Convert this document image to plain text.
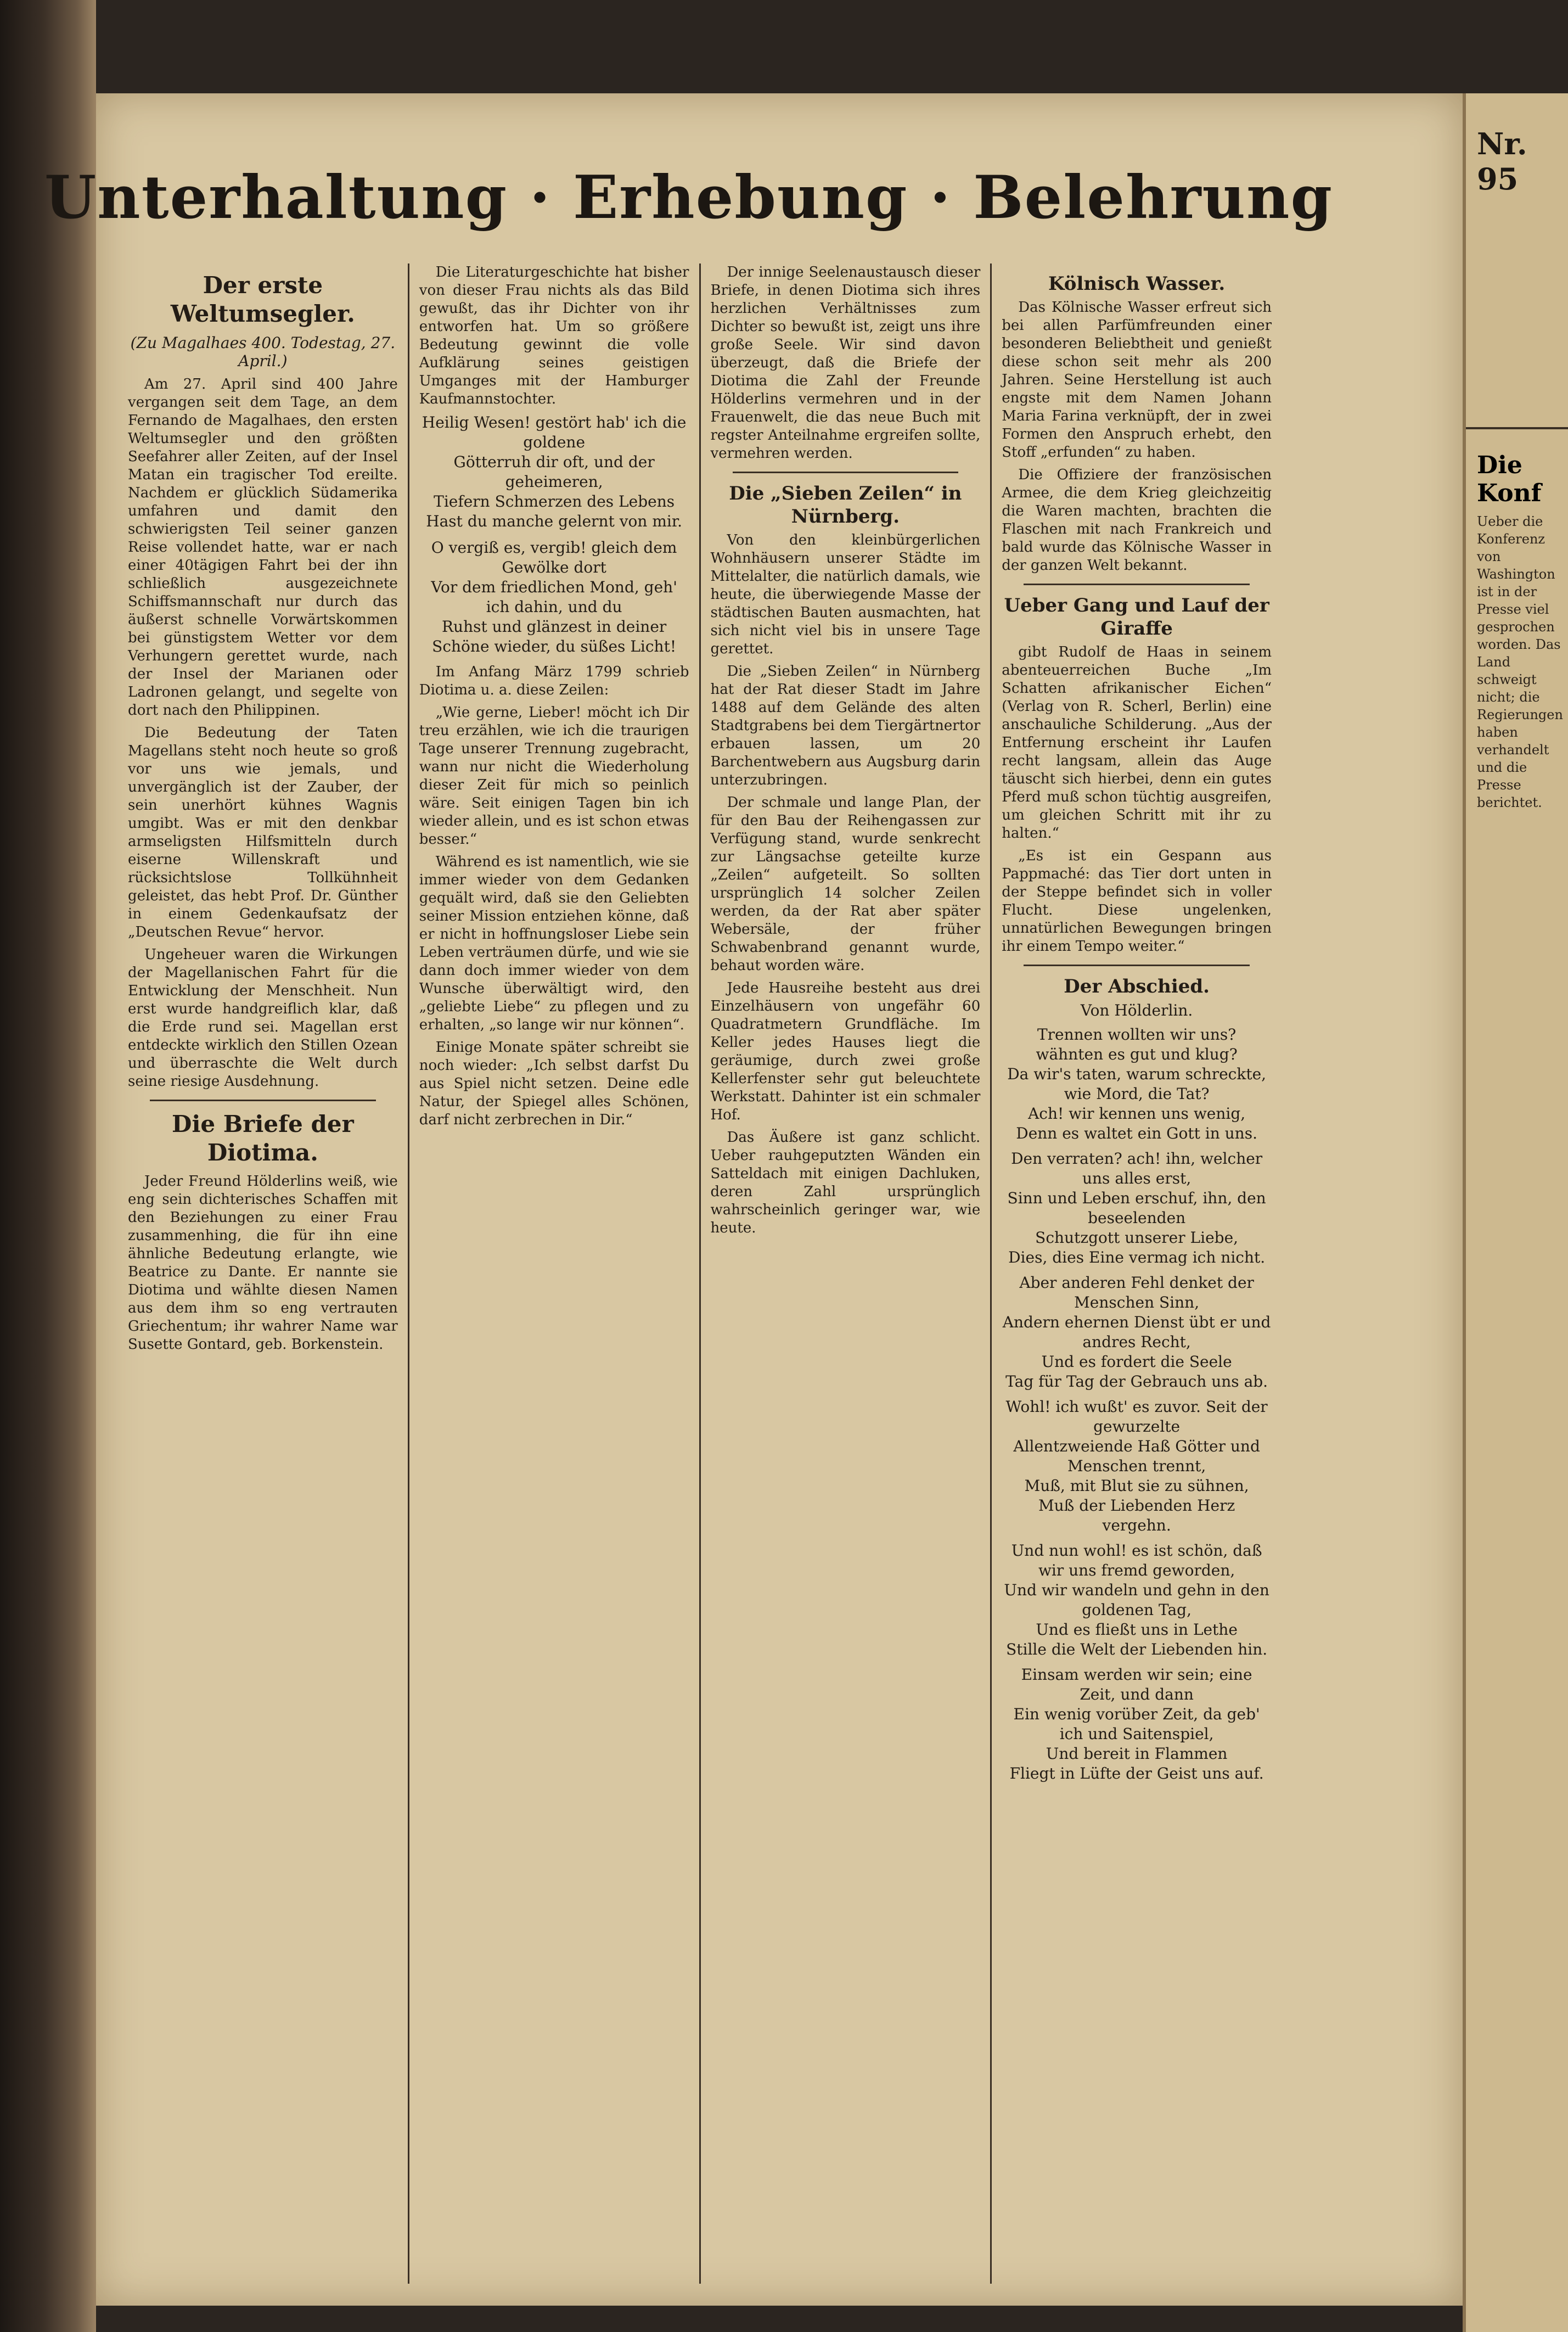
Unterhaltung · Erhebung · Belehrung
Der erste Weltumsegler.
(Zu Magalhaes 400. Todestag, 27. April.)

Am 27. April sind 400 Jahre vergangen seit dem Tage, an dem Fernando de Magalhaes, den ersten Weltumsegler und den größten Seefahrer aller Zeiten, auf der Insel Matan ein tragischer Tod ereilte. Nachdem er glücklich Südamerika umfahren und damit den schwierigsten Teil seiner ganzen Reise vollendet hatte, war er nach einer 40tägigen Fahrt bei der ihn schließlich ausgezeichnete Schiffsmannschaft nur durch das äußerst schnelle Vorwärtskommen bei günstigstem Wetter vor dem Verhungern gerettet wurde, nach der Insel der Marianen oder Ladronen gelangt, und segelte von dort nach den Philippinen.

Die Bedeutung der Taten Magellans steht noch heute so groß vor uns wie jemals, und unvergänglich ist der Zauber, der sein unerhört kühnes Wagnis umgibt. Was er mit den denkbar armseligsten Hilfsmitteln durch eiserne Willenskraft und rücksichtslose Tollkühnheit geleistet, das hebt Prof. Dr. Günther in einem Gedenkaufsatz der „Deutschen Revue“ hervor.

Ungeheuer waren die Wirkungen der Magellanischen Fahrt für die Entwicklung der Menschheit. Nun erst wurde handgreiflich klar, daß die Erde rund sei. Magellan erst entdeckte wirklich den Stillen Ozean und überraschte die Welt durch seine riesige Ausdehnung.

Die Briefe der Diotima.

Jeder Freund Hölderlins weiß, wie eng sein dichterisches Schaffen mit den Beziehungen zu einer Frau zusammenhing, die für ihn eine ähnliche Bedeutung erlangte, wie Beatrice zu Dante. Er nannte sie Diotima und wählte diesen Namen aus dem ihm so eng vertrauten Griechentum; ihr wahrer Name war Susette Gontard, geb. Borkenstein.

Die Literaturgeschichte hat bisher von dieser Frau nichts als das Bild gewußt, das ihr Dichter von ihr entworfen hat. Um so größere Bedeutung gewinnt die volle Aufklärung seines geistigen Umganges mit der Hamburger Kaufmannstochter.

Heilig Wesen! gestört hab' ich die goldene
Götterruh dir oft, und der geheimeren,
Tiefern Schmerzen des Lebens
Hast du manche gelernt von mir.
O vergiß es, vergib! gleich dem Gewölke dort
Vor dem friedlichen Mond, geh' ich dahin, und du
Ruhst und glänzest in deiner
Schöne wieder, du süßes Licht!

Im Anfang März 1799 schrieb Diotima u. a. diese Zeilen:

„Wie gerne, Lieber! möcht ich Dir treu erzählen, wie ich die traurigen Tage unserer Trennung zugebracht, wann nur nicht die Wiederholung dieser Zeit für mich so peinlich wäre. Seit einigen Tagen bin ich wieder allein, und es ist schon etwas besser.“

Während es ist namentlich, wie sie immer wieder von dem Gedanken gequält wird, daß sie den Geliebten seiner Mission entziehen könne, daß er nicht in hoffnungsloser Liebe sein Leben verträumen dürfe, und wie sie dann doch immer wieder von dem Wunsche überwältigt wird, den „geliebte Liebe“ zu pflegen und zu erhalten, „so lange wir nur können“.

Einige Monate später schreibt sie noch wieder: „Ich selbst darfst Du aus Spiel nicht setzen. Deine edle Natur, der Spiegel alles Schönen, darf nicht zerbrechen in Dir.“

Der innige Seelenaustausch dieser Briefe, in denen Diotima sich ihres herzlichen Verhältnisses zum Dichter so bewußt ist, zeigt uns ihre große Seele. Wir sind davon überzeugt, daß die Briefe der Diotima die Zahl der Freunde Hölderlins vermehren und in der Frauenwelt, die das neue Buch mit regster Anteilnahme ergreifen sollte, vermehren werden.

Die „Sieben Zeilen“ in Nürnberg.

Von den kleinbürgerlichen Wohnhäusern unserer Städte im Mittelalter, die natürlich damals, wie heute, die überwiegende Masse der städtischen Bauten ausmachten, hat sich nicht viel bis in unsere Tage gerettet.

Die „Sieben Zeilen“ in Nürnberg hat der Rat dieser Stadt im Jahre 1488 auf dem Gelände des alten Stadtgrabens bei dem Tiergärtnertor erbauen lassen, um 20 Barchentwebern aus Augsburg darin unterzubringen.

Der schmale und lange Plan, der für den Bau der Reihengassen zur Verfügung stand, wurde senkrecht zur Längsachse geteilte kurze „Zeilen“ aufgeteilt. So sollten ursprünglich 14 solcher Zeilen werden, da der Rat aber später Webersäle, der früher Schwabenbrand genannt wurde, behaut worden wäre.

Jede Hausreihe besteht aus drei Einzelhäusern von ungefähr 60 Quadratmetern Grundfläche. Im Keller jedes Hauses liegt die geräumige, durch zwei große Kellerfenster sehr gut beleuchtete Werkstatt. Dahinter ist ein schmaler Hof.

Das Äußere ist ganz schlicht. Ueber rauhgeputzten Wänden ein Satteldach mit einigen Dachluken, deren Zahl ursprünglich wahrscheinlich geringer war, wie heute.

Kölnisch Wasser.

Das Kölnische Wasser erfreut sich bei allen Parfümfreunden einer besonderen Beliebtheit und genießt diese schon seit mehr als 200 Jahren. Seine Herstellung ist auch engste mit dem Namen Johann Maria Farina verknüpft, der in zwei Formen den Anspruch erhebt, den Stoff „erfunden“ zu haben.

Die Offiziere der französischen Armee, die dem Krieg gleichzeitig die Waren machten, brachten die Flaschen mit nach Frankreich und bald wurde das Kölnische Wasser in der ganzen Welt bekannt.

Ueber Gang und Lauf der Giraffe

gibt Rudolf de Haas in seinem abenteuerreichen Buche „Im Schatten afrikanischer Eichen“ (Verlag von R. Scherl, Berlin) eine anschauliche Schilderung. „Aus der Entfernung erscheint ihr Laufen recht langsam, allein das Auge täuscht sich hierbei, denn ein gutes Pferd muß schon tüchtig ausgreifen, um gleichen Schritt mit ihr zu halten.“

„Es ist ein Gespann aus Pappmaché: das Tier dort unten in der Steppe befindet sich in voller Flucht. Diese ungelenken, unnatürlichen Bewegungen bringen ihr einem Tempo weiter.“

Der Abschied.
Von Hölderlin.
Trennen wollten wir uns? wähnten es gut und klug?
Da wir's taten, warum schreckte, wie Mord, die Tat?
Ach! wir kennen uns wenig,
Denn es waltet ein Gott in uns.
Den verraten? ach! ihn, welcher uns alles erst,
Sinn und Leben erschuf, ihn, den beseelenden
Schutzgott unserer Liebe,
Dies, dies Eine vermag ich nicht.
Aber anderen Fehl denket der Menschen Sinn,
Andern ehernen Dienst übt er und andres Recht,
Und es fordert die Seele
Tag für Tag der Gebrauch uns ab.
Wohl! ich wußt' es zuvor. Seit der gewurzelte
Allentzweiende Haß Götter und Menschen trennt,
Muß, mit Blut sie zu sühnen,
Muß der Liebenden Herz vergehn.
Und nun wohl! es ist schön, daß wir uns fremd geworden,
Und wir wandeln und gehn in den goldenen Tag,
Und es fließt uns in Lethe
Stille die Welt der Liebenden hin.
Einsam werden wir sein; eine Zeit, und dann
Ein wenig vorüber Zeit, da geb' ich und Saitenspiel,
Und bereit in Flammen
Fliegt in Lüfte der Geist uns auf.
Nr. 95
Die Konf
Ueber die Konferenz von Washington ist in der Presse viel gesprochen worden. Das Land schweigt nicht; die Regierungen haben verhandelt und die Presse berichtet.
